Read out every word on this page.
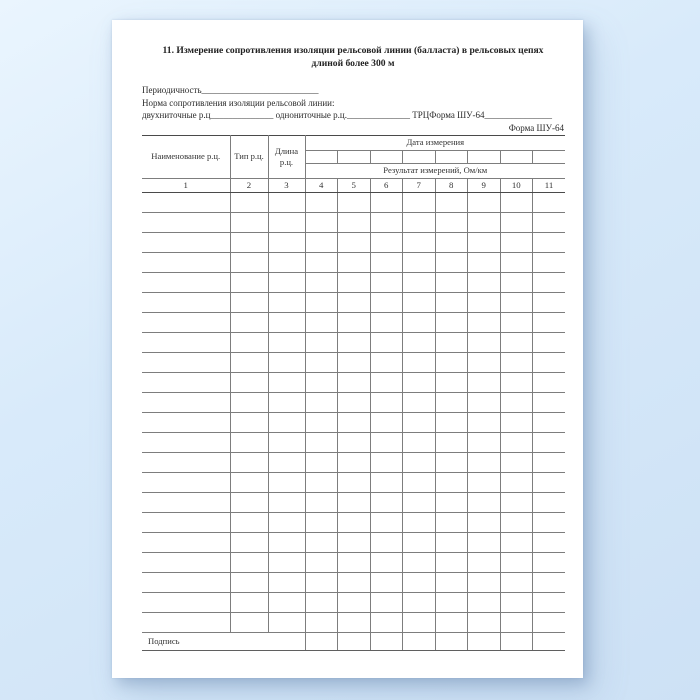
11. Измерение сопротивления изоляции рельсовой линии (балласта) в рельсовых цепях
длиной более 300 м
Периодичность__________________________
Норма сопротивления изоляции рельсовой линии:
двухниточные р.ц______________ однониточные р.ц.______________ ТРЦФорма ШУ-64_______________
Форма ШУ-64
Наименование р.ц.	Тип р.ц.	Длина р.ц.	Дата измерения							

			Результат измерений, Ом/км							
1	2	3	4	5	6	7	8	9	10	11

Подпись										
